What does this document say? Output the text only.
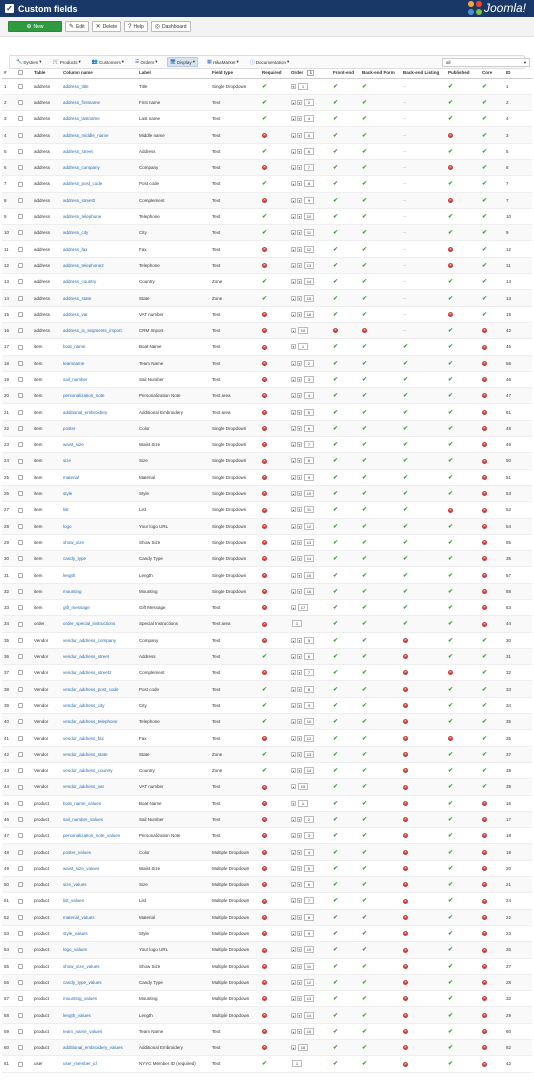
✓ Custom fields	Joomla!
⊕ New	✎ Edit ✕ Delete ? Help ◎ Dashboard
🔧 System ▾ 🛒 Products ▾ 👥 Customers ▾ ☰ Orders ▾ 🖥 Display ▾ ▦ HikaMarket ▾ ⓘ Documentation ▾	all	▼
#		Table	Column name	Label	Field type	Required	Order ⇩	Front-end	Back-end Form	Back-end Listing	Published	Core	ID
1		address	address_title	Title	Single Dropdown	✔	▼ 1	✔	✔	--	✔	✔	1
2		address	address_firstname	First name	Text	✔	▲ ▼ 2	✔	✔	--	✔	✔	2
3		address	address_lastname	Last name	Text	✔	▲ ▼ 4	✔	✔	--	✔	✔	4
4		address	address_middle_name	Middle name	Text	✕	▲ ▼ 5	✔	✔	--	✕	✔	3
5		address	address_street	Address	Text	✔	▲ ▼ 6	✔	✔	--	✔	✔	5
6		address	address_company	Company	Text	✕	▲ ▼ 7	✔	✔	--	✕	✔	8
7		address	address_post_code	Post code	Text	✔	▲ ▼ 8	✔	✔	--	✔	✔	7
8		address	address_street2	Complement	Text	✕	▲ ▼ 9	✔	✔	--	✕	✔	7
9		address	address_telephone	Telephone	Text	✔	▲ ▼ 10	✔	✔	--	✔	✔	10
10		address	address_city	City	Text	✔	▲ ▼ 11	✔	✔	--	✔	✔	9
11		address	address_fax	Fax	Text	✕	▲ ▼ 12	✔	✔	--	✕	✔	12
12		address	address_telephone2	Telephone	Text	✕	▲ ▼ 13	✔	✔	--	✕	✔	11
13		address	address_country	Country	Zone	✔	▲ ▼ 14	✔	✔	--	✔	✔	14
14		address	address_state	State	Zone	✔	▲ ▼ 15	✔	✔	--	✔	✔	13
15		address	address_vat	VAT number	Text	✕	▲ ▼ 16	✔	✔	--	✕	✔	15
16		address	address_is_segments_import	CRM Import	Text	✕	▲ 10	✕	✕	--	✔	✕	42
17		item	boat_name	Boat Name	Text	✕	▼ 1	✔	✔	✔	✔	✕	45
18		item	teamname	Team Name	Text	✕	▲ ▼ 2	✔	✔	✔	✔	✕	56
19		item	sail_number	Sail Number	Text	✕	▲ ▼ 3	✔	✔	✔	✔	✕	46
20		item	personalization_note	Personalization Note	Text area	✕	▲ ▼ 4	✔	✔	✔	✔	✕	47
21		item	additional_embroidery	Additional Embroidery	Text area	✕	▲ ▼ 5	✔	✔	✔	✔	✕	61
22		item	poster	Color	Single Dropdown	✕	▲ ▼ 6	✔	✔	✔	✔	✕	48
23		item	waist_size	Waist Size	Single Dropdown	✕	▲ ▼ 7	✔	✔	✔	✔	✕	49
24		item	size	Size	Single Dropdown	✕	▲ ▼ 8	✔	✔	✔	✔	✕	50
25		item	material	Material	Single Dropdown	✕	▲ ▼ 9	✔	✔	✔	✔	✕	51
26		item	style	Style	Single Dropdown	✕	▲ ▼ 10	✔	✔	✔	✔	✕	53
27		item	list	List	Single Dropdown	✕	▲ ▼ 11	✔	✔	✔	✕	✕	52
28		item	logo	Your logo URL	Single Dropdown	✕	▲ ▼ 12	✔	✔	✔	✔	✕	54
29		item	show_size	Show Size	Single Dropdown	✕	▲ ▼ 13	✔	✔	✔	✔	✕	55
30		item	candy_type	Candy Type	Single Dropdown	✕	▲ ▼ 14	✔	✔	✔	✔	✕	36
31		item	length	Length	Single Dropdown	✕	▲ ▼ 15	✔	✔	✔	✔	✕	57
32		item	mounting	Mounting	Single Dropdown	✕	▲ ▼ 16	✔	✔	✔	✔	✕	58
33		item	gift_message	Gift Message	Text	✕	▲ 17	✔	✔	✔	✔	✕	63
34		order	order_special_instructions	Special Instructions	Text area	✕	1	✔	✔	✔	✔	✕	44
35		Vendor	vendor_address_company	Company	Text	✕	▲ ▼ 5	✔	✔	✕	✔	✔	30
36		Vendor	vendor_address_street	Address	Text	✔	▲ ▼ 6	✔	✔	✕	✔	✔	31
37		Vendor	vendor_address_street2	Complement	Text	✕	▲ ▼ 7	✔	✔	✕	✕	✔	32
38		Vendor	vendor_address_post_code	Post code	Text	✔	▲ ▼ 8	✔	✔	✕	✔	✔	33
39		Vendor	vendor_address_city	City	Text	✔	▲ ▼ 9	✔	✔	✕	✔	✔	34
40		Vendor	vendor_address_telephone	Telephone	Text	✔	▲ ▼ 10	✔	✔	✕	✔	✔	35
41		Vendor	vendor_address_fax	Fax	Text	✕	▲ ▼ 12	✔	✔	✕	✕	✔	36
42		Vendor	vendor_address_state	State	Zone	✔	▲ ▼ 13	✔	✔	✕	✔	✔	37
43		Vendor	vendor_address_country	Country	Zone	✔	▲ ▼ 14	✔	✔	✕	✔	✔	38
44		Vendor	vendor_address_vat	VAT number	Text	✕	▲ 15	✔	✔	✕	✔	✔	39
45		product	boat_name_values	Boat Name	Text	✕	▼ 1	✔	✔	✕	✔	✕	16
46		product	sail_number_values	Sail Number	Text	✕	▲ ▼ 2	✔	✔	✕	✔	✕	17
47		product	personalization_note_values	Personalization Note	Text	✕	▲ ▼ 3	✔	✔	✕	✔	✕	18
48		product	poster_values	Color	Multiple Dropdown	✕	▲ ▼ 4	✔	✔	✕	✔	✕	19
49		product	waist_size_values	Waist Size	Multiple Dropdown	✕	▲ ▼ 5	✔	✔	✕	✔	✕	20
50		product	size_values	Size	Multiple Dropdown	✕	▲ ▼ 6	✔	✔	✕	✔	✕	21
51		product	list_values	List	Multiple Dropdown	✕	▲ ▼ 7	✔	✔	✕	✔	✕	24
52		product	material_values	Material	Multiple Dropdown	✕	▲ ▼ 8	✔	✔	✕	✔	✕	22
53		product	style_values	Style	Multiple Dropdown	✕	▲ ▼ 9	✔	✔	✕	✔	✕	23
54		product	logo_values	Your logo URL	Multiple Dropdown	✕	▲ ▼ 10	✔	✔	✕	✔	✕	26
55		product	show_size_values	Show Size	Multiple Dropdown	✕	▲ ▼ 11	✔	✔	✕	✔	✕	27
56		product	candy_type_values	Candy Type	Multiple Dropdown	✕	▲ ▼ 12	✔	✔	✕	✔	✕	28
57		product	mounting_values	Mounting	Multiple Dropdown	✕	▲ ▼ 13	✔	✔	✕	✔	✕	32
58		product	length_values	Length	Multiple Dropdown	✕	▲ ▼ 14	✔	✔	✕	✔	✕	29
59		product	team_name_values	Team Name	Text	✕	▲ ▼ 15	✔	✔	✕	✔	✕	60
60		product	additional_embroidery_values	Additional Embroidery	Text	✕	▲ 16	✔	✔	✕	✔	✕	62
61		user	user_member_id	NYYC Member ID (required)	Text	✔	1	✔	✔	✕	✔	✕	42
